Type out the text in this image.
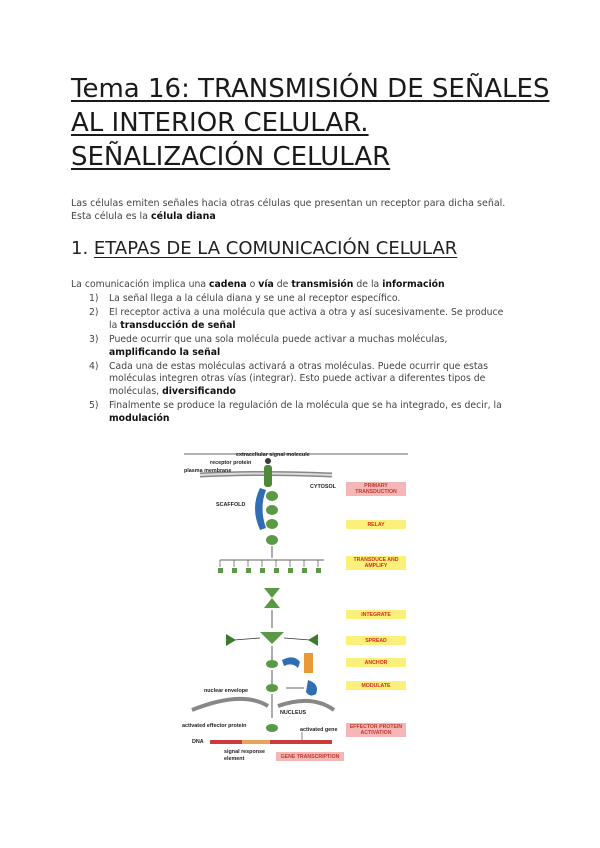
Tema 16: TRANSMISIÓN DE SEÑALES
AL INTERIOR CELULAR.
SEÑALIZACIÓN CELULAR

Las células emiten señales hacia otras células que presentan un receptor para dicha señal. Esta célula es la célula diana

1. ETAPAS DE LA COMUNICACIÓN CELULAR
La comunicación implica una cadena o vía de transmisión de la información
1) La señal llega a la célula diana y se une al receptor específico.
2) El receptor activa a una molécula que activa a otra y así sucesivamente. Se produce la transducción de señal
3) Puede ocurrir que una sola molécula puede activar a muchas moléculas, amplificando la señal
4) Cada una de estas moléculas activará a otras moléculas. Puede ocurrir que estas moléculas integren otras vías (integrar). Esto puede activar a diferentes tipos de moléculas, diversificando
5) Finalmente se produce la regulación de la molécula que se ha integrado, es decir, la modulación
extracellular signal molecule
receptor protein
plasma membrane
CYTOSOL
SCAFFOLD
nuclear envelope
NUCLEUS
activated effector protein
activated gene
DNA
signal response
element
PRIMARY TRANSDUCTION
RELAY
TRANSDUCE AND AMPLIFY
INTEGRATE
SPREAD
ANCHOR
MODULATE
EFFECTOR PROTEIN ACTIVATION
GENE TRANSCRIPTION
